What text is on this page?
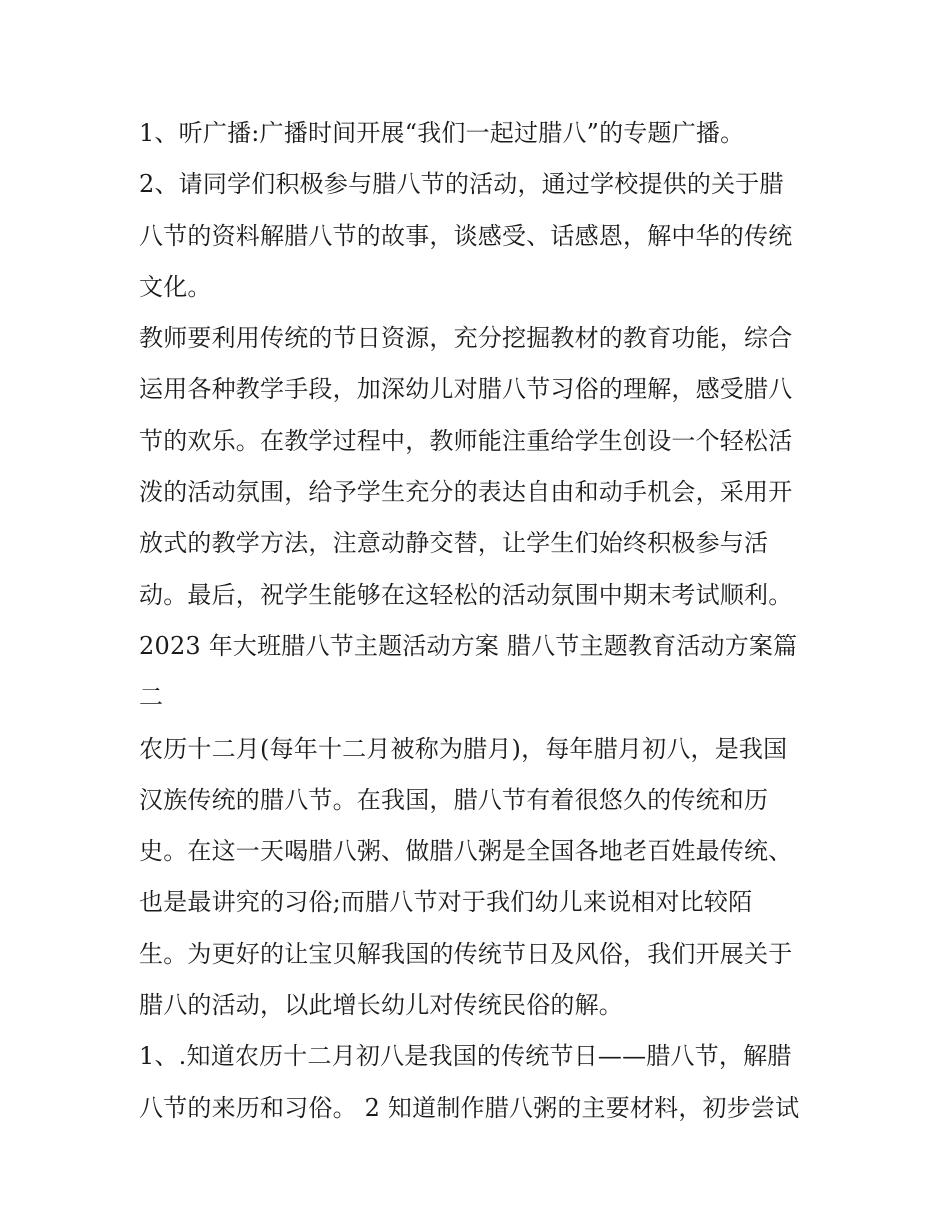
1、听广播:广播时间开展“我们一起过腊八”的专题广播。
2、请同学们积极参与腊八节的活动，通过学校提供的关于腊
八节的资料解腊八节的故事，谈感受、话感恩，解中华的传统
文化。
教师要利用传统的节日资源，充分挖掘教材的教育功能，综合
运用各种教学手段，加深幼儿对腊八节习俗的理解，感受腊八
节的欢乐。在教学过程中，教师能注重给学生创设一个轻松活
泼的活动氛围，给予学生充分的表达自由和动手机会，采用开
放式的教学方法，注意动静交替，让学生们始终积极参与活
动。最后，祝学生能够在这轻松的活动氛围中期末考试顺利。
2023 年大班腊八节主题活动方案 腊八节主题教育活动方案篇
二
农历十二月(每年十二月被称为腊月)，每年腊月初八，是我国
汉族传统的腊八节。在我国，腊八节有着很悠久的传统和历
史。在这一天喝腊八粥、做腊八粥是全国各地老百姓最传统、
也是最讲究的习俗;而腊八节对于我们幼儿来说相对比较陌
生。为更好的让宝贝解我国的传统节日及风俗，我们开展关于
腊八的活动，以此增长幼儿对传统民俗的解。
1、.知道农历十二月初八是我国的传统节日——腊八节，解腊
八节的来历和习俗。 2 知道制作腊八粥的主要材料，初步尝试
